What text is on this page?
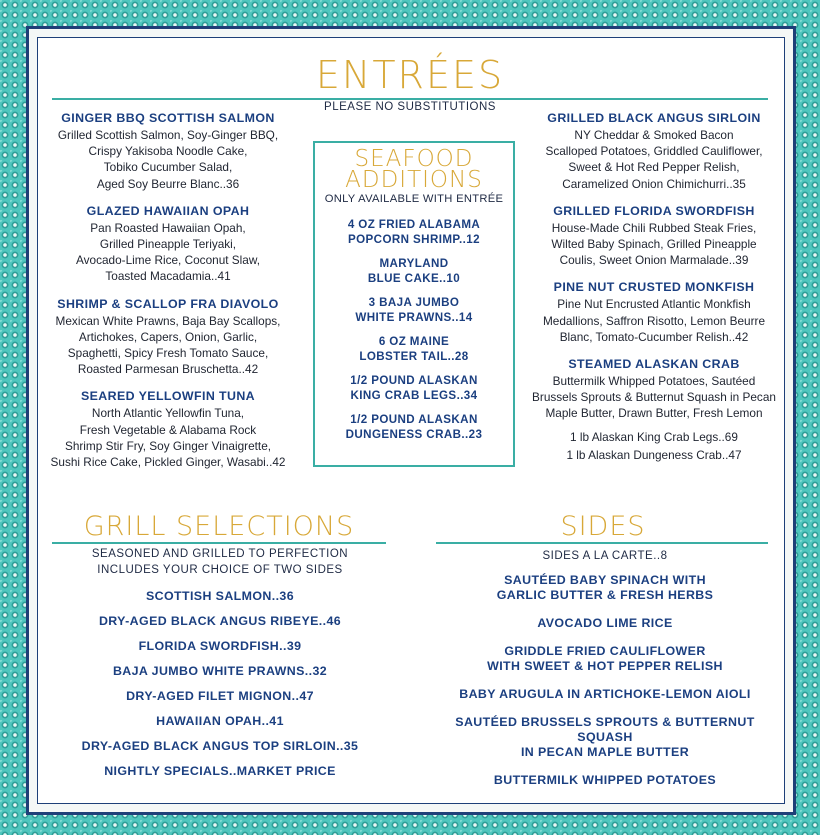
ENTRÉES

PLEASE NO SUBSTITUTIONS

GINGER BBQ SCOTTISH SALMON

Grilled Scottish Salmon, Soy-Ginger BBQ,
Crispy Yakisoba Noodle Cake,
Tobiko Cucumber Salad,
Aged Soy Beurre Blanc..36

GLAZED HAWAIIAN OPAH

Pan Roasted Hawaiian Opah,
Grilled Pineapple Teriyaki,
Avocado-Lime Rice, Coconut Slaw,
Toasted Macadamia..41

SHRIMP & SCALLOP FRA DIAVOLO

Mexican White Prawns, Baja Bay Scallops,
Artichokes, Capers, Onion, Garlic,
Spaghetti, Spicy Fresh Tomato Sauce,
Roasted Parmesan Bruschetta..42

SEARED YELLOWFIN TUNA

North Atlantic Yellowfin Tuna,
Fresh Vegetable & Alabama Rock
Shrimp Stir Fry, Soy Ginger Vinaigrette,
Sushi Rice Cake, Pickled Ginger, Wasabi..42

SEAFOOD
ADDITIONS

ONLY AVAILABLE WITH ENTRÉE

4 OZ FRIED ALABAMA
POPCORN SHRIMP..12

MARYLAND
BLUE CAKE..10

3 BAJA JUMBO
WHITE PRAWNS..14

6 OZ MAINE
LOBSTER TAIL..28

1/2 POUND ALASKAN
KING CRAB LEGS..34

1/2 POUND ALASKAN
DUNGENESS CRAB..23

GRILLED BLACK ANGUS SIRLOIN

NY Cheddar & Smoked Bacon
Scalloped Potatoes, Griddled Cauliflower,
Sweet & Hot Red Pepper Relish,
Caramelized Onion Chimichurri..35

GRILLED FLORIDA SWORDFISH

House-Made Chili Rubbed Steak Fries,
Wilted Baby Spinach, Grilled Pineapple
Coulis, Sweet Onion Marmalade..39

PINE NUT CRUSTED MONKFISH

Pine Nut Encrusted Atlantic Monkfish
Medallions, Saffron Risotto, Lemon Beurre
Blanc, Tomato-Cucumber Relish..42

STEAMED ALASKAN CRAB

Buttermilk Whipped Potatoes, Sautéed
Brussels Sprouts & Butternut Squash in Pecan
Maple Butter, Drawn Butter, Fresh Lemon

1 lb Alaskan King Crab Legs..69

1 lb Alaskan Dungeness Crab..47

GRILL SELECTIONS

SEASONED AND GRILLED TO PERFECTION

INCLUDES YOUR CHOICE OF TWO SIDES

SCOTTISH SALMON..36
DRY-AGED BLACK ANGUS RIBEYE..46
FLORIDA SWORDFISH..39
BAJA JUMBO WHITE PRAWNS..32
DRY-AGED FILET MIGNON..47
HAWAIIAN OPAH..41
DRY-AGED BLACK ANGUS TOP SIRLOIN..35
NIGHTLY SPECIALS..MARKET PRICE
SIDES

SIDES A LA CARTE..8

SAUTÉED BABY SPINACH WITH
GARLIC BUTTER & FRESH HERBS
AVOCADO LIME RICE
GRIDDLE FRIED CAULIFLOWER
WITH SWEET & HOT PEPPER RELISH
BABY ARUGULA IN ARTICHOKE-LEMON AIOLI
SAUTÉED BRUSSELS SPROUTS & BUTTERNUT SQUASH
IN PECAN MAPLE BUTTER
BUTTERMILK WHIPPED POTATOES
